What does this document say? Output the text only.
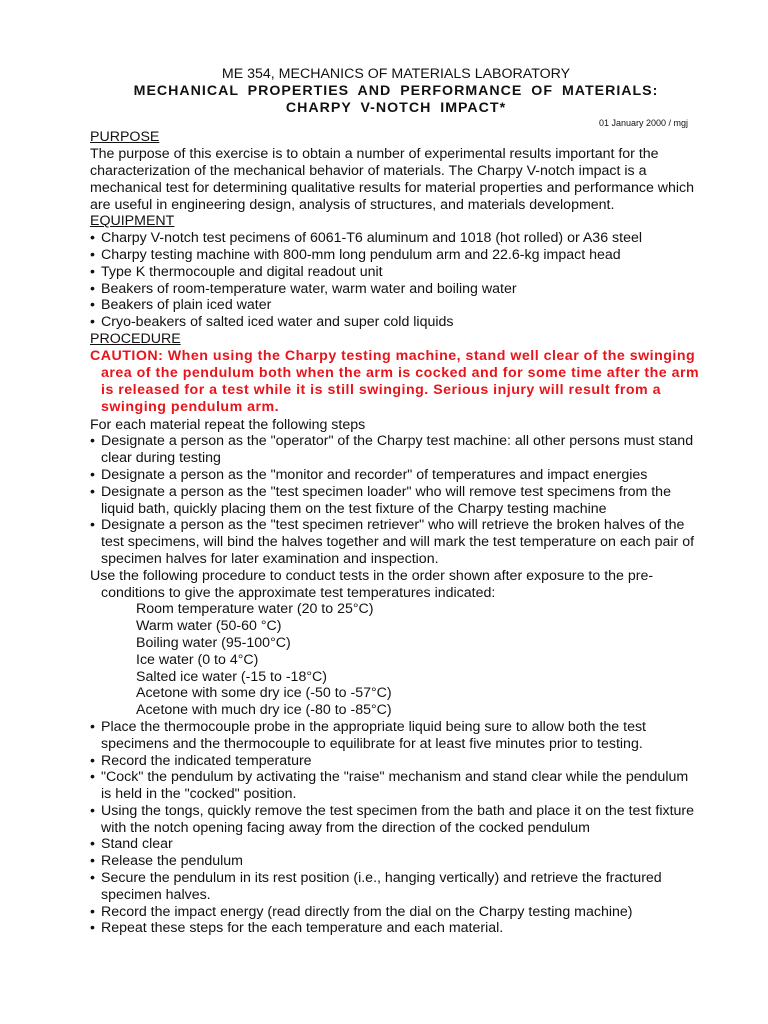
ME 354, MECHANICS OF MATERIALS LABORATORY
MECHANICAL PROPERTIES AND PERFORMANCE OF MATERIALS:
CHARPY V-NOTCH IMPACT*
01 January 2000 / mgj
PURPOSE

The purpose of this exercise is to obtain a number of experimental results important for the characterization of the mechanical behavior of materials. The Charpy V-notch impact is a mechanical test for determining qualitative results for material properties and performance which are useful in engineering design, analysis of structures, and materials development.

EQUIPMENT
• Charpy V-notch test pecimens of 6061-T6 aluminum and 1018 (hot rolled) or A36 steel
• Charpy testing machine with 800-mm long pendulum arm and 22.6-kg impact head
• Type K thermocouple and digital readout unit
• Beakers of room-temperature water, warm water and boiling water
• Beakers of plain iced water
• Cryo-beakers of salted iced water and super cold liquids
PROCEDURE
CAUTION: When using the Charpy testing machine, stand well clear of the swinging area of the pendulum both when the arm is cocked and for some time after the arm is released for a test while it is still swinging. Serious injury will result from a swinging pendulum arm.
For each material repeat the following steps
• Designate a person as the "operator" of the Charpy test machine: all other persons must stand clear during testing
• Designate a person as the "monitor and recorder" of temperatures and impact energies
• Designate a person as the "test specimen loader" who will remove test specimens from the liquid bath, quickly placing them on the test fixture of the Charpy testing machine
• Designate a person as the "test specimen retriever" who will retrieve the broken halves of the test specimens, will bind the halves together and will mark the test temperature on each pair of specimen halves for later examination and inspection.
Use the following procedure to conduct tests in the order shown after exposure to the pre-conditions to give the approximate test temperatures indicated:
Room temperature water (20 to 25°C)
Warm water (50-60 °C)
Boiling water (95-100°C)
Ice water (0 to 4°C)
Salted ice water (-15 to -18°C)
Acetone with some dry ice (-50 to -57°C)
Acetone with much dry ice (-80 to -85°C)
• Place the thermocouple probe in the appropriate liquid being sure to allow both the test specimens and the thermocouple to equilibrate for at least five minutes prior to testing.
• Record the indicated temperature
• "Cock" the pendulum by activating the "raise" mechanism and stand clear while the pendulum is held in the "cocked" position.
• Using the tongs, quickly remove the test specimen from the bath and place it on the test fixture with the notch opening facing away from the direction of the cocked pendulum
• Stand clear
• Release the pendulum
• Secure the pendulum in its rest position (i.e., hanging vertically) and retrieve the fractured specimen halves.
• Record the impact energy (read directly from the dial on the Charpy testing machine)
• Repeat these steps for the each temperature and each material.
